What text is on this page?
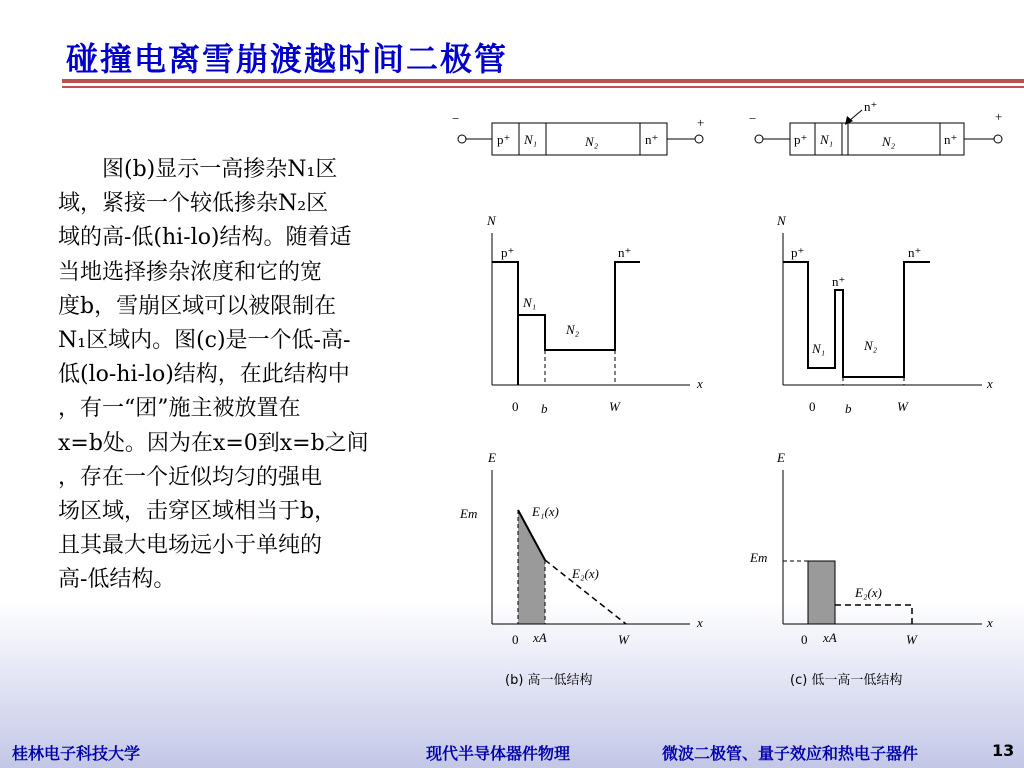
碰撞电离雪崩渡越时间二极管
图(b)显示一高掺杂N₁区
域，紧接一个较低掺杂N₂区
域的高-低(hi-lo)结构。随着适
当地选择掺杂浓度和它的宽
度b，雪崩区域可以被限制在
N₁区域内。图(c)是一个低-高-
低(lo-hi-lo)结构，在此结构中
，有一“团”施主被放置在
x=b处。因为在x=0到x=b之间
，存在一个近似均匀的强电
场区域，击穿区域相当于b，
且其最大电场远小于单纯的
高-低结构。
−	+
p⁺ N₁	N₂	n⁺
n⁺
−	+
p⁺ N₁	N₂	n⁺
N
x
0 b	W
p⁺
N₁
N₂
n⁺
N
x
0 b	W
p⁺
n⁺
N₁	N₂
n⁺
E
x
Em	E₁(x)
E₂(x)
0 xA	W
(b) 高一低结构
E
x
Em
E₂(x)
0 xA	W
(c) 低一高一低结构
桂林电子科技大学	现代半导体器件物理	微波二极管、量子效应和热电子器件	13
